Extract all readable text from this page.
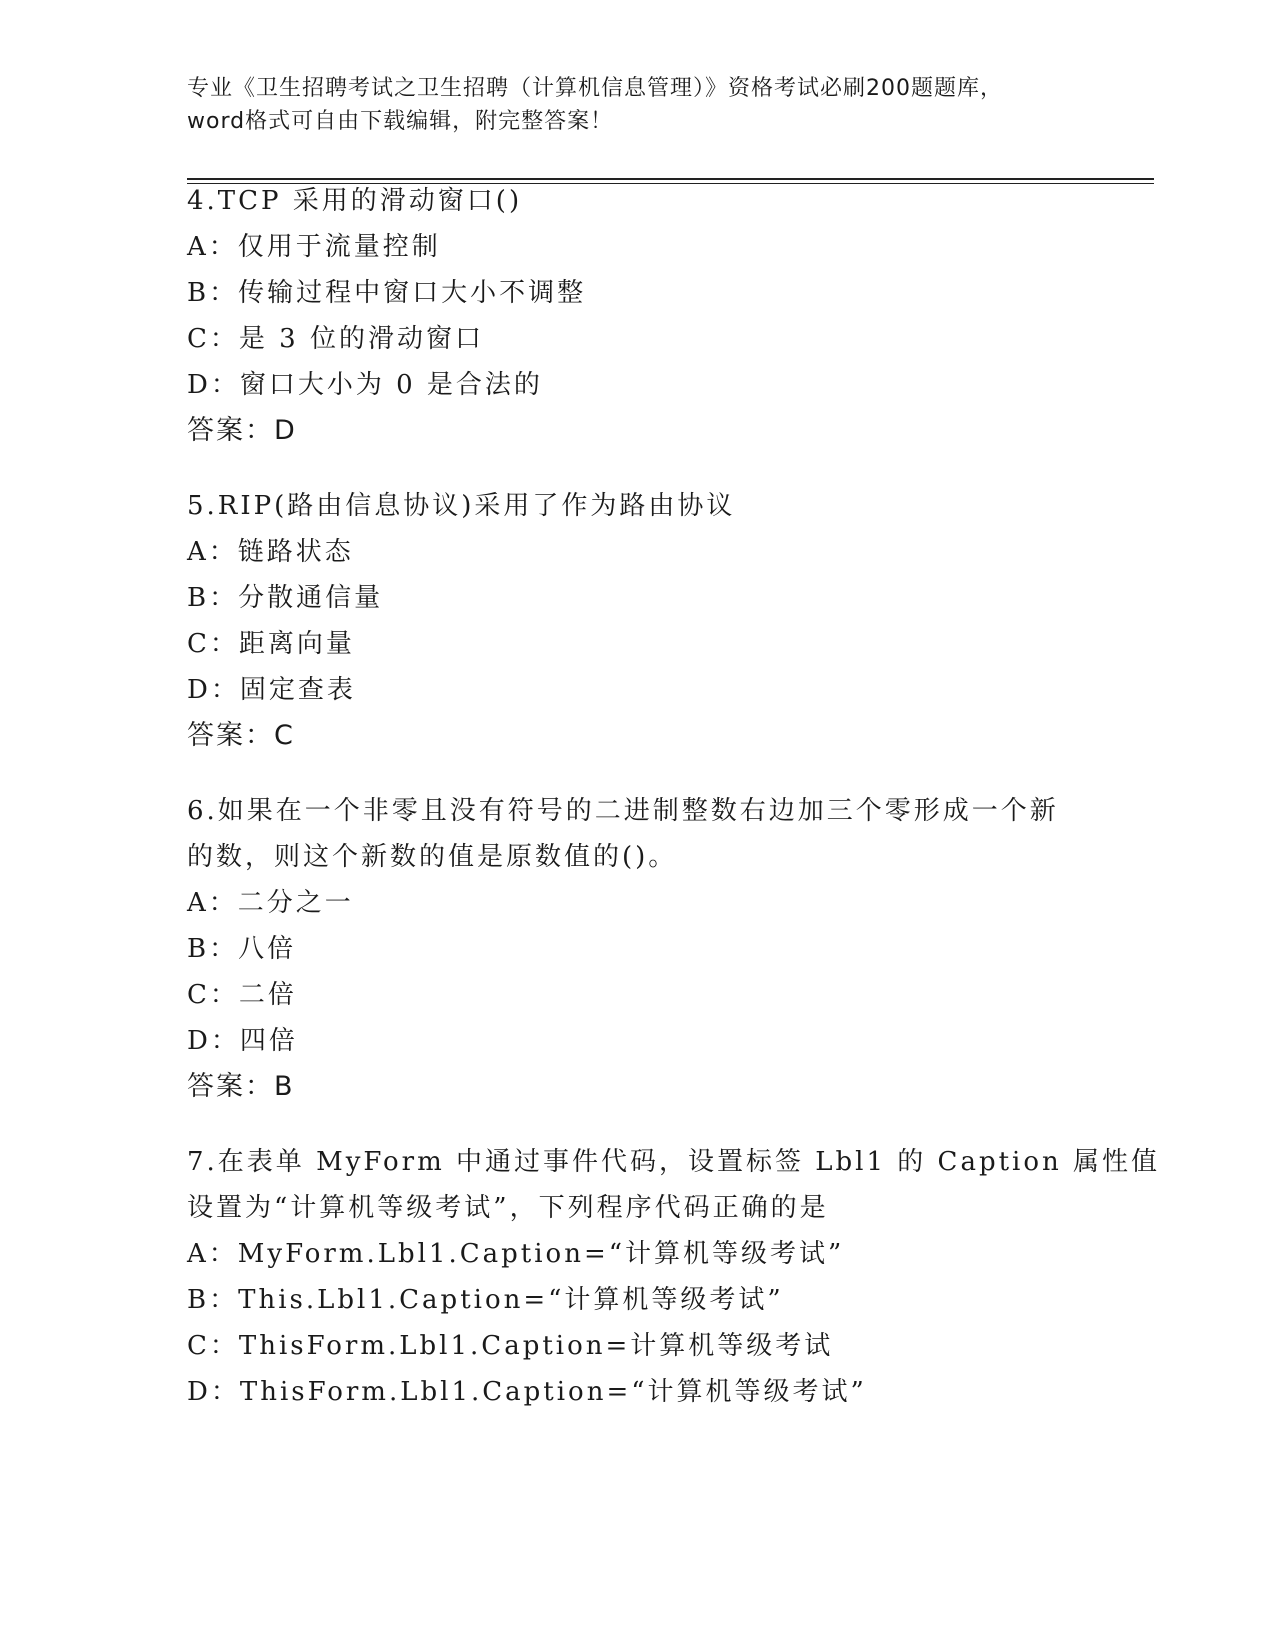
专业《卫生招聘考试之卫生招聘（计算机信息管理）》资格考试必刷200题题库，
word格式可自由下载编辑，附完整答案！
4.TCP 采用的滑动窗口()
A：仅用于流量控制
B：传输过程中窗口大小不调整
C：是 3 位的滑动窗口
D：窗口大小为 0 是合法的
答案：D
5.RIP(路由信息协议)采用了作为路由协议
A：链路状态
B：分散通信量
C：距离向量
D：固定查表
答案：C
6.如果在一个非零且没有符号的二进制整数右边加三个零形成一个新
的数，则这个新数的值是原数值的()。
A：二分之一
B：八倍
C：二倍
D：四倍
答案：B
7.在表单 MyForm 中通过事件代码，设置标签 Lbl1 的 Caption 属性值
设置为“计算机等级考试”，下列程序代码正确的是
A：MyForm.Lbl1.Caption=“计算机等级考试”
B：This.Lbl1.Caption=“计算机等级考试”
C：ThisForm.Lbl1.Caption=计算机等级考试
D：ThisForm.Lbl1.Caption=“计算机等级考试”
